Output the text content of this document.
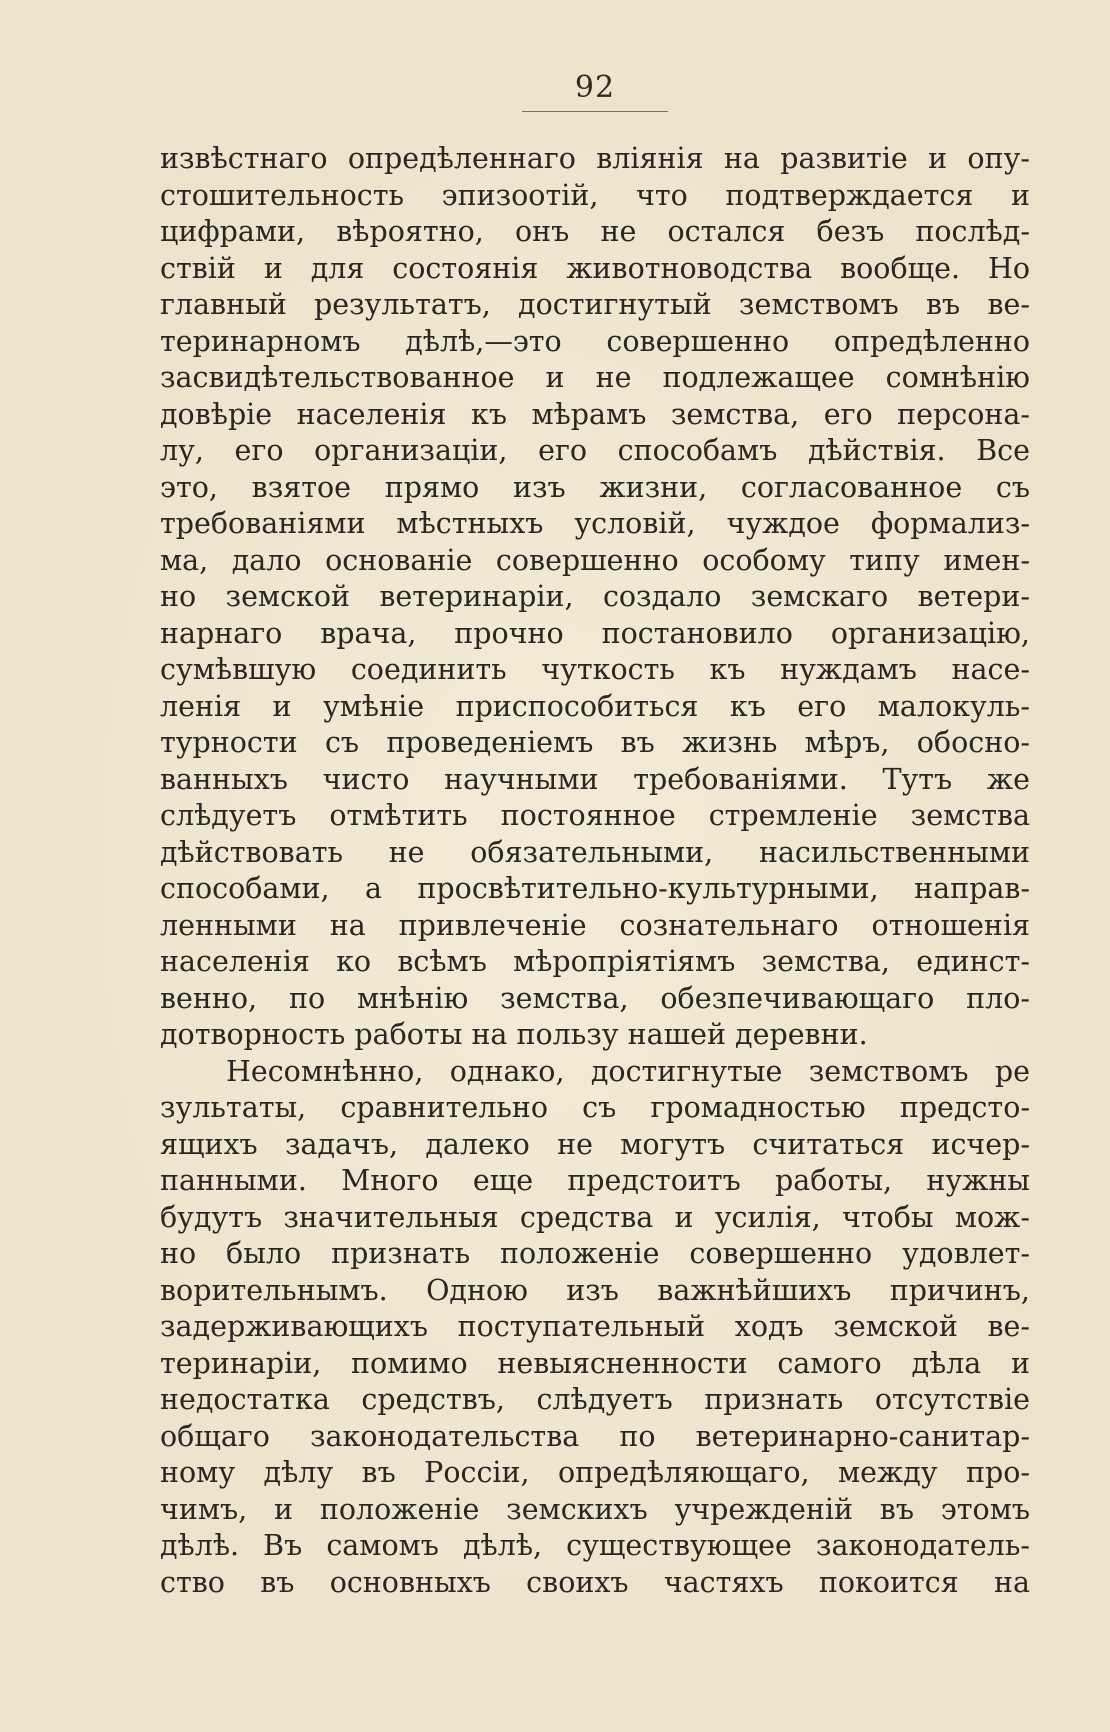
92
извѣстнаго опредѣленнаго вліянія на развитіе и опу-
стошительность эпизоотій, что подтверждается и
цифрами, вѣроятно, онъ не остался безъ послѣд-
ствій и для состоянія животноводства вообще. Но
главный результатъ, достигнутый земствомъ въ ве-
теринарномъ дѣлѣ,—это совершенно опредѣленно
засвидѣтельствованное и не подлежащее сомнѣнію
довѣріе населенія къ мѣрамъ земства, его персона-
лу, его организаціи, его способамъ дѣйствія. Все
это, взятое прямо изъ жизни, согласованное съ
требованіями мѣстныхъ условій, чуждое формализ-
ма, дало основаніе совершенно особому типу имен-
но земской ветеринаріи, создало земскаго ветери-
нарнаго врача, прочно постановило организацію,
сумѣвшую соединить чуткость къ нуждамъ насе-
ленія и умѣніе приспособиться къ его малокуль-
турности съ проведеніемъ въ жизнь мѣръ, обосно-
ванныхъ чисто научными требованіями. Тутъ же
слѣдуетъ отмѣтить постоянное стремленіе земства
дѣйствовать не обязательными, насильственными
способами, а просвѣтительно-культурными, направ-
ленными на привлеченіе сознательнаго отношенія
населенія ко всѣмъ мѣропріятіямъ земства, единст-
венно, по мнѣнію земства, обезпечивающаго пло-
дотворность работы на пользу нашей деревни.
Несомнѣнно, однако, достигнутые земствомъ ре
зультаты, сравнительно съ громадностью предсто-
ящихъ задачъ, далеко не могутъ считаться исчер-
панными. Много еще предстоитъ работы, нужны
будутъ значительныя средства и усилія, чтобы мож-
но было признать положеніе совершенно удовлет-
ворительнымъ. Одною изъ важнѣйшихъ причинъ,
задерживающихъ поступательный ходъ земской ве-
теринаріи, помимо невыясненности самого дѣла и
недостатка средствъ, слѣдуетъ признать отсутствіе
общаго законодательства по ветеринарно-санитар-
ному дѣлу въ Россіи, опредѣляющаго, между про-
чимъ, и положеніе земскихъ учрежденій въ этомъ
дѣлѣ. Въ самомъ дѣлѣ, существующее законодатель-
ство въ основныхъ своихъ частяхъ покоится на
